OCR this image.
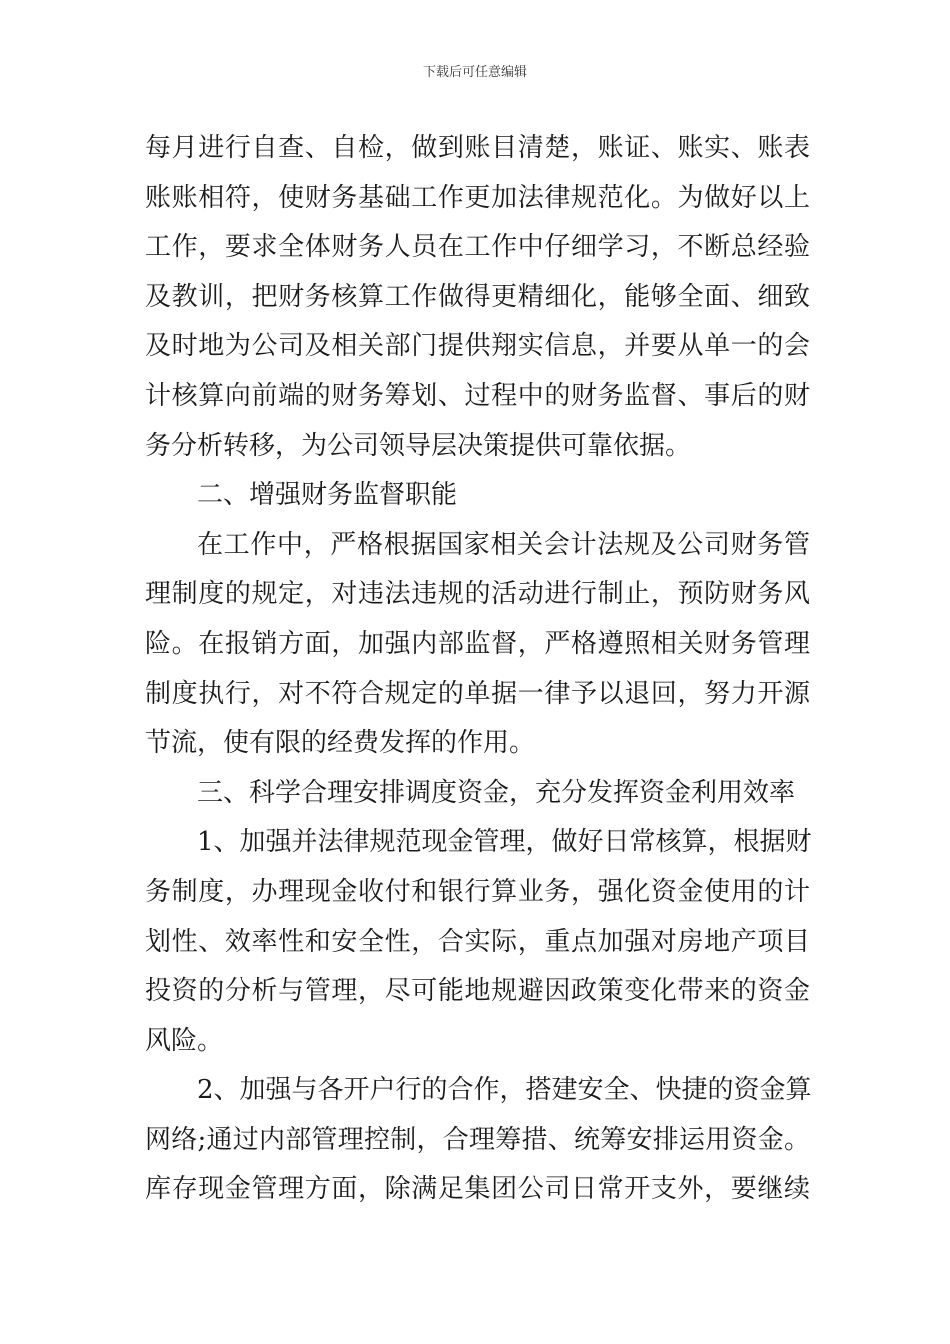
下载后可任意编辑
每月进行自查、自检，做到账目清楚，账证、账实、账表
账账相符，使财务基础工作更加法律规范化。为做好以上
工作，要求全体财务人员在工作中仔细学习，不断总经验
及教训，把财务核算工作做得更精细化，能够全面、细致
及时地为公司及相关部门提供翔实信息，并要从单一的会
计核算向前端的财务筹划、过程中的财务监督、事后的财
务分析转移，为公司领导层决策提供可靠依据。
二、增强财务监督职能
在工作中，严格根据国家相关会计法规及公司财务管
理制度的规定，对违法违规的活动进行制止，预防财务风
险。在报销方面，加强内部监督，严格遵照相关财务管理
制度执行，对不符合规定的单据一律予以退回，努力开源
节流，使有限的经费发挥的作用。
三、科学合理安排调度资金，充分发挥资金利用效率
1、加强并法律规范现金管理，做好日常核算，根据财
务制度，办理现金收付和银行算业务，强化资金使用的计
划性、效率性和安全性，合实际，重点加强对房地产项目
投资的分析与管理，尽可能地规避因政策变化带来的资金
风险。
2、加强与各开户行的合作，搭建安全、快捷的资金算
网络;通过内部管理控制，合理筹措、统筹安排运用资金。
库存现金管理方面，除满足集团公司日常开支外，要继续
